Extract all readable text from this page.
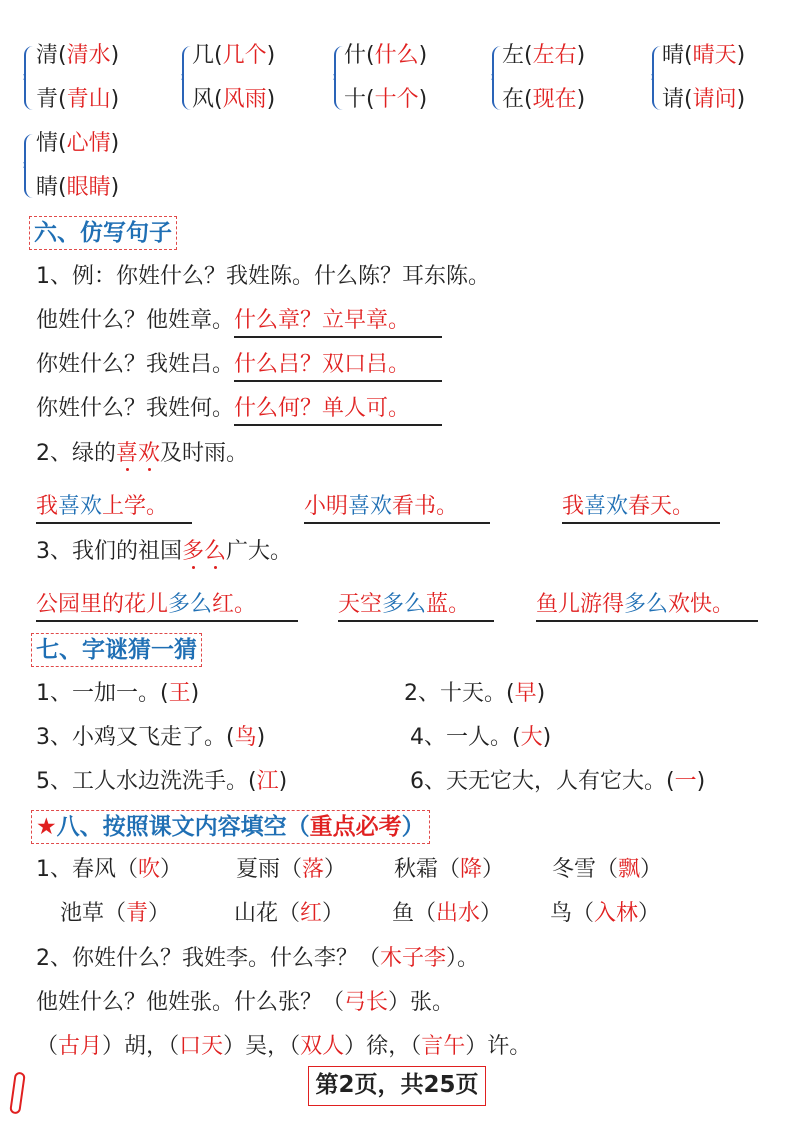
清(清水)
青(青山)
几(几个)
风(风雨)
什(什么)
十(十个)
左(左右)
在(现在)
晴(晴天)
请(请问)
情(心情)
睛(眼睛)
六、仿写句子
1、例：你姓什么？我姓陈。什么陈？耳东陈。
他姓什么？他姓章。什么章？立早章。
你姓什么？我姓吕。什么吕？双口吕。
你姓什么？我姓何。什么何？单人可。
2、绿的喜欢及时雨。
我喜欢上学。	小明喜欢看书。	我喜欢春天。
3、我们的祖国多么广大。
公园里的花儿多么红。	天空多么蓝。	鱼儿游得多么欢快。
七、字谜猜一猜
1、一加一。(王)	2、十天。(早)
3、小鸡又飞走了。(鸟)	4、一人。(大)
5、工人水边洗洗手。(江)	6、天无它大，人有它大。(一)
★八、按照课文内容填空（重点必考）
1、春风（吹） 夏雨（落） 秋霜（降） 冬雪（飘）
池草（青）	山花（红） 鱼（出水） 鸟（入林）
2、你姓什么？我姓李。什么李？（木子李）。
他姓什么？他姓张。什么张？（弓长）张。
（古月）胡，（口天）吴，（双人）徐，（言午）许。
第2页，共25页
